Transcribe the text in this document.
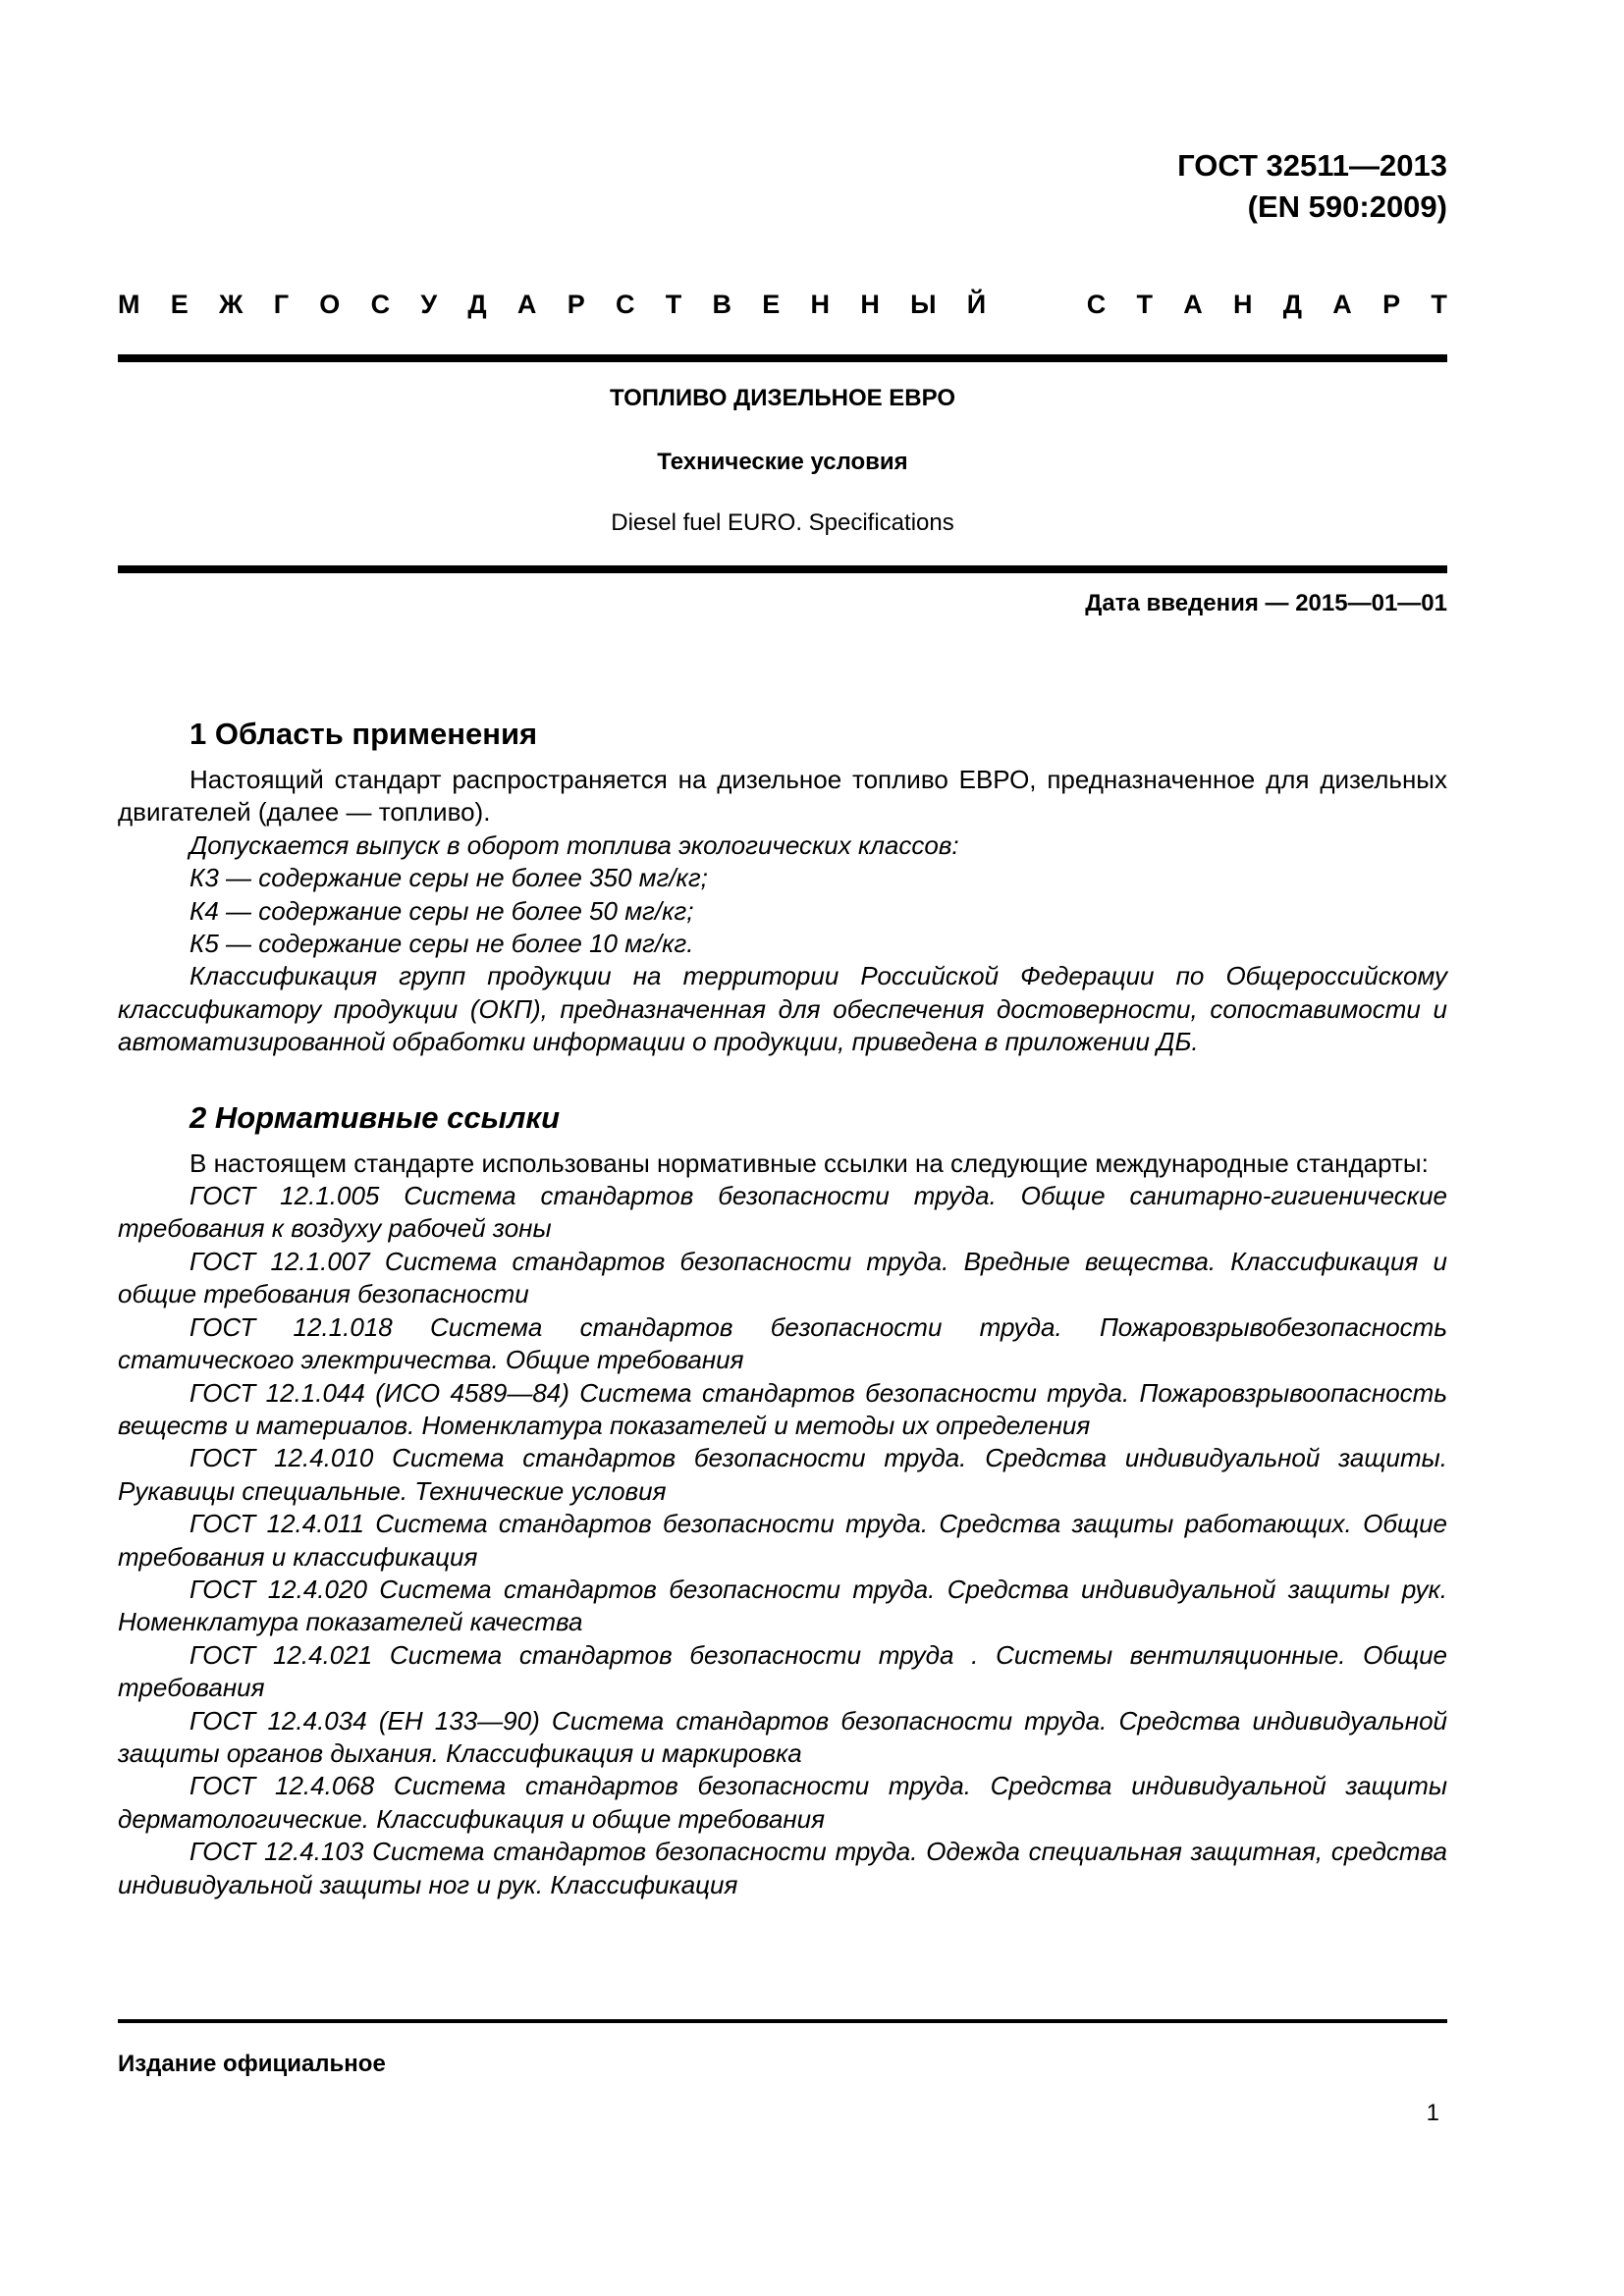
ГОСТ 32511—2013
(EN 590:2009)
М Е Ж Г О С У Д А Р С Т В Е Н Н Ы Й	С Т А Н Д А Р Т
ТОПЛИВО ДИЗЕЛЬНОЕ ЕВРО
Технические условия
Diesel fuel EURO. Specifications
Дата введения — 2015—01—01
1 Область применения

Настоящий стандарт распространяется на дизельное топливо ЕВРО, предназначенное для дизельных двигателей (далее — топливо).

Допускается выпуск в оборот топлива экологических классов:

К3 — содержание серы не более 350 мг/кг;

К4 — содержание серы не более 50 мг/кг;

К5 — содержание серы не более 10 мг/кг.

Классификация групп продукции на территории Российской Федерации по Общероссийскому классификатору продукции (ОКП), предназначенная для обеспечения достоверности, сопоставимости и автоматизированной обработки информации о продукции, приведена в приложении ДБ.

2 Нормативные ссылки

В настоящем стандарте использованы нормативные ссылки на следующие международные стандарты:

ГОСТ 12.1.005 Система стандартов безопасности труда. Общие санитарно-гигиенические требования к воздуху рабочей зоны

ГОСТ 12.1.007 Система стандартов безопасности труда. Вредные вещества. Классификация и общие требования безопасности

ГОСТ 12.1.018 Система стандартов безопасности труда. Пожаровзрывобезопасность статического электричества. Общие требования

ГОСТ 12.1.044 (ИСО 4589—84) Система стандартов безопасности труда. Пожаровзрывоопасность веществ и материалов. Номенклатура показателей и методы их определения

ГОСТ 12.4.010 Система стандартов безопасности труда. Средства индивидуальной защиты. Рукавицы специальные. Технические условия

ГОСТ 12.4.011 Система стандартов безопасности труда. Средства защиты работающих. Общие требования и классификация

ГОСТ 12.4.020 Система стандартов безопасности труда. Средства индивидуальной защиты рук. Номенклатура показателей качества

ГОСТ 12.4.021 Система стандартов безопасности труда . Системы вентиляционные. Общие требования

ГОСТ 12.4.034 (ЕН 133—90) Система стандартов безопасности труда. Средства индивидуальной защиты органов дыхания. Классификация и маркировка

ГОСТ 12.4.068 Система стандартов безопасности труда. Средства индивидуальной защиты дерматологические. Классификация и общие требования

ГОСТ 12.4.103 Система стандартов безопасности труда. Одежда специальная защитная, средства индивидуальной защиты ног и рук. Классификация

Издание официальное
1
